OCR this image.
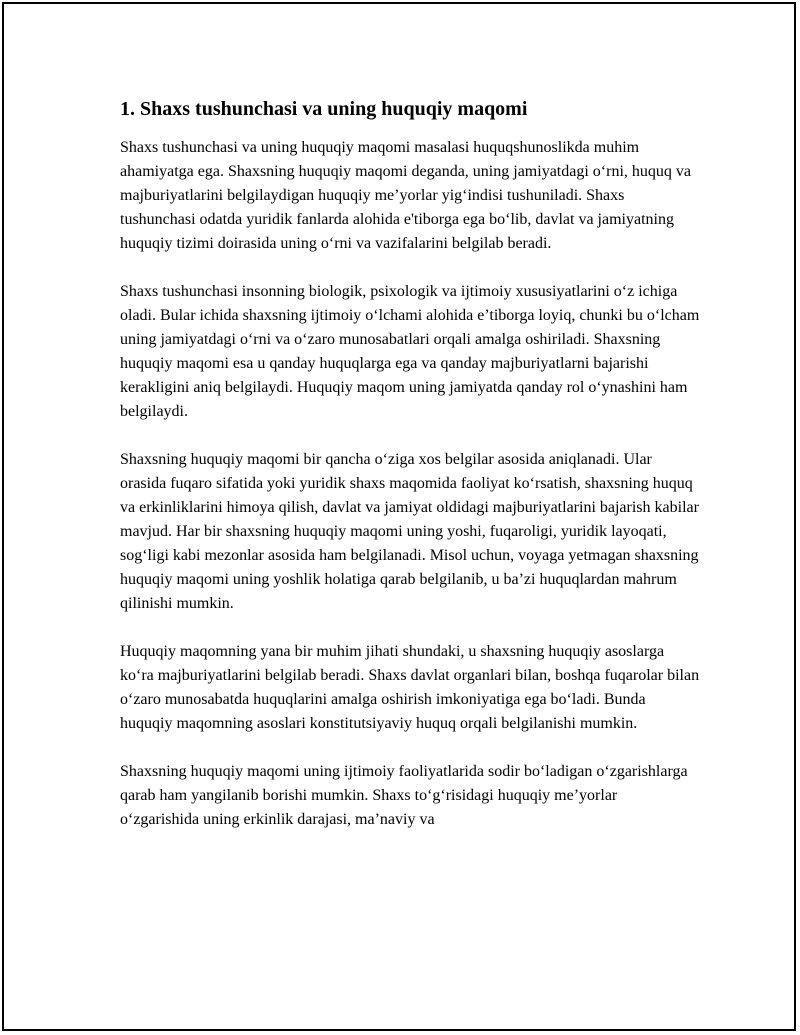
1. Shaxs tushunchasi va uning huquqiy maqomi

Shaxs tushunchasi va uning huquqiy maqomi masalasi huquqshunoslikda muhim ahamiyatga ega. Shaxsning huquqiy maqomi deganda, uning jamiyatdagi o‘rni, huquq va majburiyatlarini belgilaydigan huquqiy me’yorlar yig‘indisi tushuniladi. Shaxs tushunchasi odatda yuridik fanlarda alohida e'tiborga ega bo‘lib, davlat va jamiyatning huquqiy tizimi doirasida uning o‘rni va vazifalarini belgilab beradi.

Shaxs tushunchasi insonning biologik, psixologik va ijtimoiy xususiyatlarini o‘z ichiga oladi. Bular ichida shaxsning ijtimoiy o‘lchami alohida e’tiborga loyiq, chunki bu o‘lcham uning jamiyatdagi o‘rni va o‘zaro munosabatlari orqali amalga oshiriladi. Shaxsning huquqiy maqomi esa u qanday huquqlarga ega va qanday majburiyatlarni bajarishi kerakligini aniq belgilaydi. Huquqiy maqom uning jamiyatda qanday rol o‘ynashini ham belgilaydi.

Shaxsning huquqiy maqomi bir qancha o‘ziga xos belgilar asosida aniqlanadi. Ular orasida fuqaro sifatida yoki yuridik shaxs maqomida faoliyat ko‘rsatish, shaxsning huquq va erkinliklarini himoya qilish, davlat va jamiyat oldidagi majburiyatlarini bajarish kabilar mavjud. Har bir shaxsning huquqiy maqomi uning yoshi, fuqaroligi, yuridik layoqati, sog‘ligi kabi mezonlar asosida ham belgilanadi. Misol uchun, voyaga yetmagan shaxsning huquqiy maqomi uning yoshlik holatiga qarab belgilanib, u ba’zi huquqlardan mahrum qilinishi mumkin.

Huquqiy maqomning yana bir muhim jihati shundaki, u shaxsning huquqiy asoslarga ko‘ra majburiyatlarini belgilab beradi. Shaxs davlat organlari bilan, boshqa fuqarolar bilan o‘zaro munosabatda huquqlarini amalga oshirish imkoniyatiga ega bo‘ladi. Bunda huquqiy maqomning asoslari konstitutsiyaviy huquq orqali belgilanishi mumkin.

Shaxsning huquqiy maqomi uning ijtimoiy faoliyatlarida sodir bo‘ladigan o‘zgarishlarga qarab ham yangilanib borishi mumkin. Shaxs to‘g‘risidagi huquqiy me’yorlar o‘zgarishida uning erkinlik darajasi, ma’naviy va
